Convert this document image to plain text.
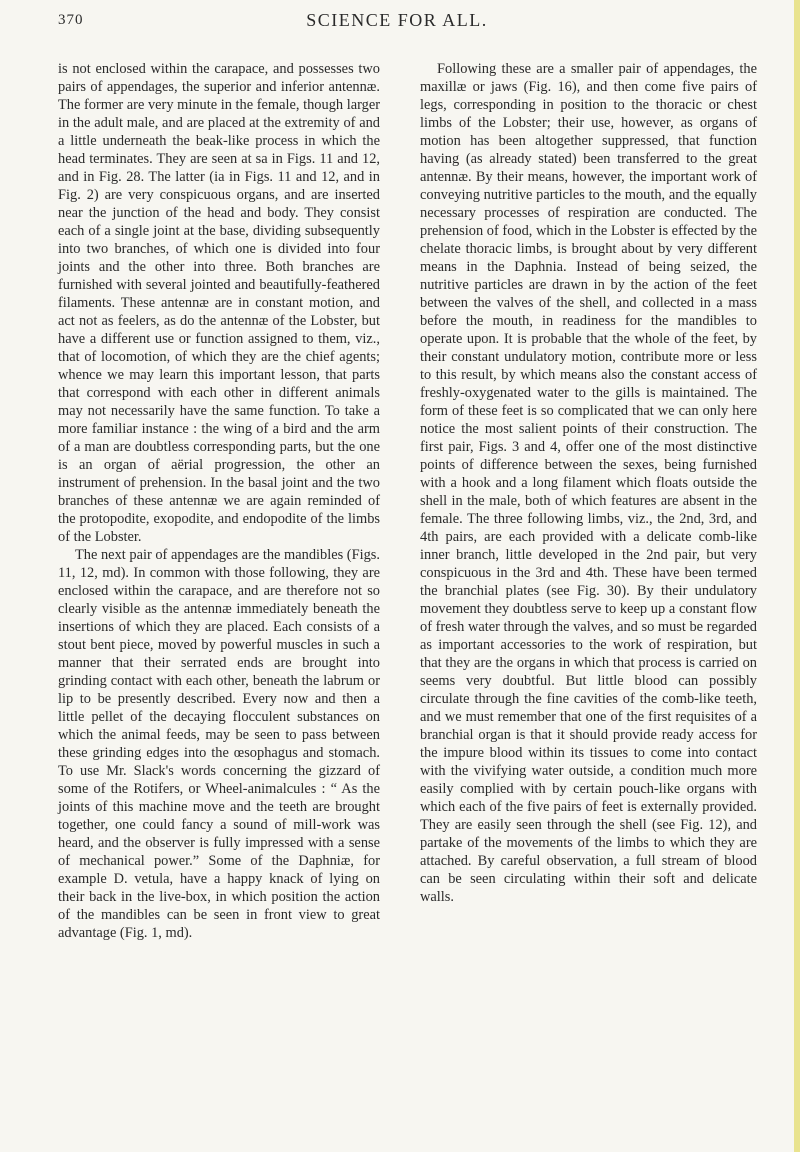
370	SCIENCE FOR ALL.

is not enclosed within the carapace, and possesses two pairs of appendages, the superior and inferior antennæ. The former are very minute in the female, though larger in the adult male, and are placed at the extremity of and a little underneath the beak-like process in which the head terminates. They are seen at sa in Figs. 11 and 12, and in Fig. 28. The latter (ia in Figs. 11 and 12, and in Fig. 2) are very conspicuous organs, and are inserted near the junction of the head and body. They consist each of a single joint at the base, dividing subsequently into two branches, of which one is divided into four joints and the other into three. Both branches are furnished with several jointed and beautifully-feathered filaments. These antennæ are in constant motion, and act not as feelers, as do the antennæ of the Lobster, but have a different use or function assigned to them, viz., that of locomotion, of which they are the chief agents; whence we may learn this important lesson, that parts that correspond with each other in different animals may not necessarily have the same function. To take a more familiar instance : the wing of a bird and the arm of a man are doubtless corresponding parts, but the one is an organ of aërial progression, the other an instrument of prehension. In the basal joint and the two branches of these antennæ we are again reminded of the protopodite, exopodite, and endopodite of the limbs of the Lobster.

The next pair of appendages are the mandibles (Figs. 11, 12, md). In common with those following, they are enclosed within the carapace, and are therefore not so clearly visible as the antennæ immediately beneath the insertions of which they are placed. Each consists of a stout bent piece, moved by powerful muscles in such a manner that their serrated ends are brought into grinding contact with each other, beneath the labrum or lip to be presently described. Every now and then a little pellet of the decaying flocculent substances on which the animal feeds, may be seen to pass between these grinding edges into the œsophagus and stomach. To use Mr. Slack's words concerning the gizzard of some of the Rotifers, or Wheel-animalcules : “ As the joints of this machine move and the teeth are brought together, one could fancy a sound of mill-work was heard, and the observer is fully impressed with a sense of mechanical power.” Some of the Daphniæ, for example D. vetula, have a happy knack of lying on their back in the live-box, in which position the action of the mandibles can be seen in front view to great advantage (Fig. 1, md).

Following these are a smaller pair of appendages, the maxillæ or jaws (Fig. 16), and then come five pairs of legs, corresponding in position to the thoracic or chest limbs of the Lobster; their use, however, as organs of motion has been altogether suppressed, that function having (as already stated) been transferred to the great antennæ. By their means, however, the important work of conveying nutritive particles to the mouth, and the equally necessary processes of respiration are conducted. The prehension of food, which in the Lobster is effected by the chelate thoracic limbs, is brought about by very different means in the Daphnia. Instead of being seized, the nutritive particles are drawn in by the action of the feet between the valves of the shell, and collected in a mass before the mouth, in readiness for the mandibles to operate upon. It is probable that the whole of the feet, by their constant undulatory motion, contribute more or less to this result, by which means also the constant access of freshly-oxygenated water to the gills is maintained. The form of these feet is so complicated that we can only here notice the most salient points of their construction. The first pair, Figs. 3 and 4, offer one of the most distinctive points of difference between the sexes, being furnished with a hook and a long filament which floats outside the shell in the male, both of which features are absent in the female. The three following limbs, viz., the 2nd, 3rd, and 4th pairs, are each provided with a delicate comb-like inner branch, little developed in the 2nd pair, but very conspicuous in the 3rd and 4th. These have been termed the branchial plates (see Fig. 30). By their undulatory movement they doubtless serve to keep up a constant flow of fresh water through the valves, and so must be regarded as important accessories to the work of respiration, but that they are the organs in which that process is carried on seems very doubtful. But little blood can possibly circulate through the fine cavities of the comb-like teeth, and we must remember that one of the first requisites of a branchial organ is that it should provide ready access for the impure blood within its tissues to come into contact with the vivifying water outside, a condition much more easily complied with by certain pouch-like organs with which each of the five pairs of feet is externally provided. They are easily seen through the shell (see Fig. 12), and partake of the movements of the limbs to which they are attached. By careful observation, a full stream of blood can be seen circulating within their soft and delicate walls.
